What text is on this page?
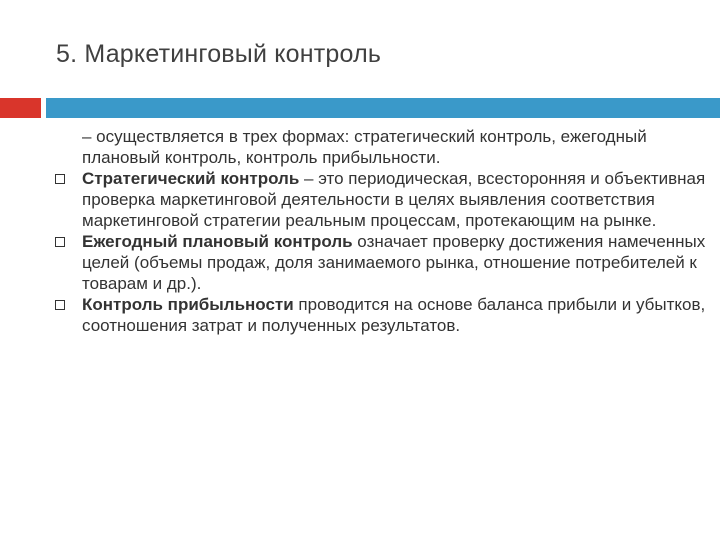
5. Маркетинговый контроль
– осуществляется в трех формах: стратегический контроль, ежегодный плановый контроль, контроль прибыльности.
Стратегический контроль – это периодическая, всесторонняя и объективная проверка маркетинговой деятельности в целях выявления соответствия маркетинговой стратегии реальным процессам, протекающим на рынке.
Ежегодный плановый контроль означает проверку достижения намеченных целей (объемы продаж, доля занимаемого рынка, отношение потребителей к товарам и др.).
Контроль прибыльности проводится на основе баланса прибыли и убытков, соотношения затрат и полученных результатов.
